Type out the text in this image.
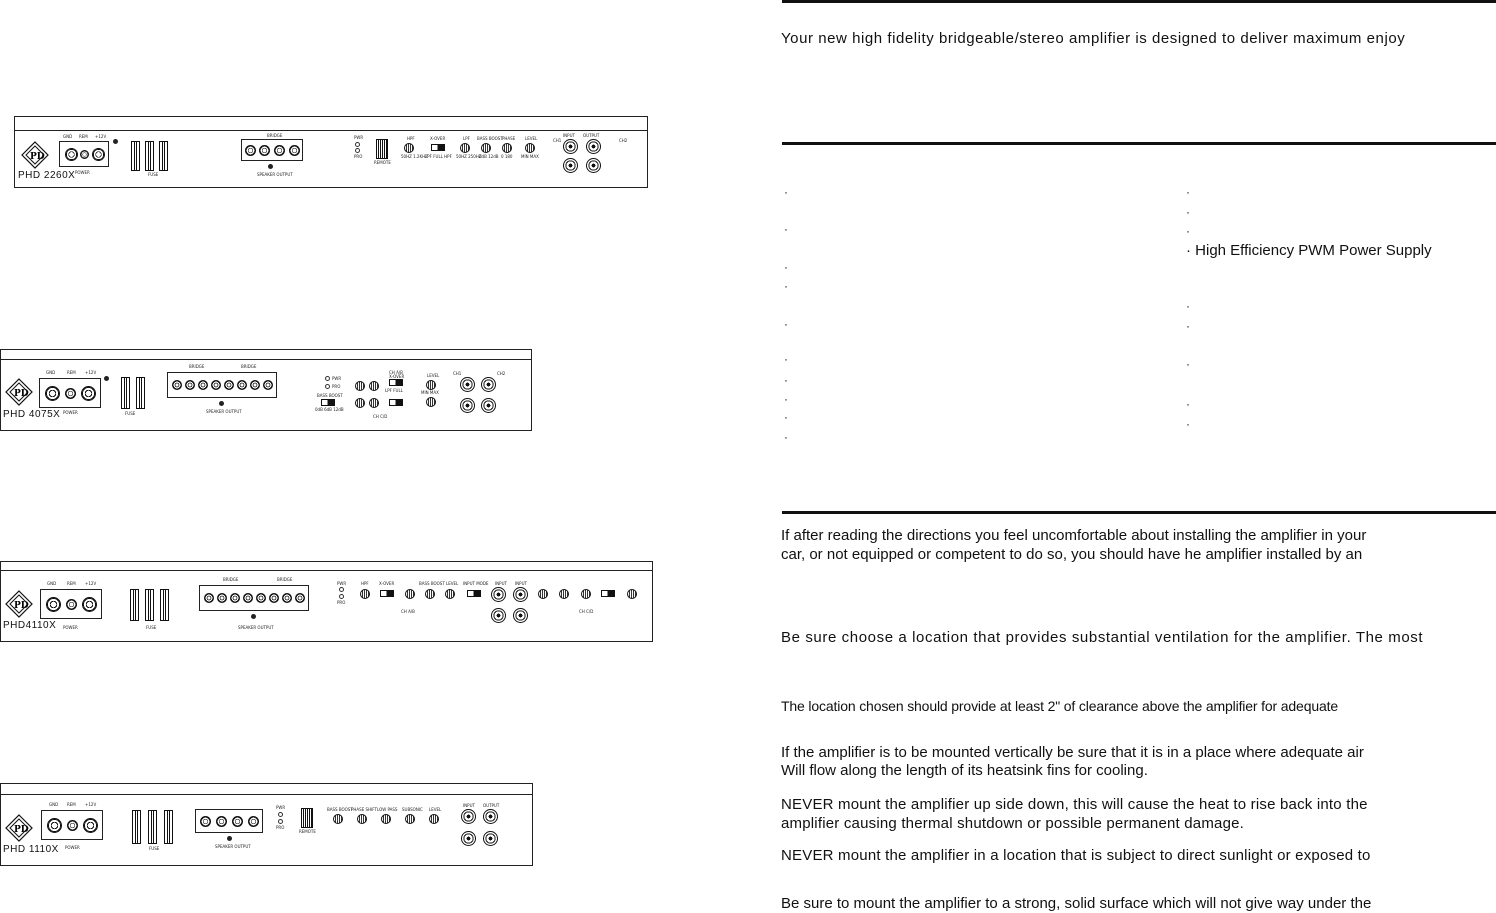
PD
PHD 2260X
GND REM +12V
POWER	FUSE
BRIDGE
SPEAKER OUTPUT
PWR
PRO
REMOTE
HPF
50HZ 1.2KHZ
X-OVER
LPF FULL HPF
LPF
50HZ 250HZ
BASS BOOST
0dB 12dB
PHASE
0 180
LEVEL
MIN MAX
INPUT OUTPUT
CH1	CH2
PD
PHD 4075X
GND	REM +12V
POWER	FUSE
BRIDGE	BRIDGE
SPEAKER OUTPUT
PWR
PRO
BASS BOOST
0dB 6dB 12dB
CH A/B
X-OVER
LPF FULL
LEVEL
MIN MAX
CH C/D
CH1	CH2
PD
PHD4110X
GND	REM +12V
POWER	FUSE
BRIDGE	BRIDGE
SPEAKER OUTPUT
PWR
PRO
HPF	X-OVER	BASS BOOST LEVEL INPUT MODE
CH A/B
INPUT INPUT
CH C/D
PD
PHD 1110X
GND REM +12V
POWER	FUSE	SPEAKER OUTPUT
PWR
PRO
REMOTE
BASS BOOST
PHASE SHIFT LOW PASS SUBSONIC LEVEL
INPUT OUTPUT
Your new high fidelity bridgeable/stereo amplifier is designed to deliver maximum enjoy
·
·
·
·
·
·
·
·
·
·
·
·
·
· High Efficiency PWM Power Supply
·
·
·
·
·
If after reading the directions you feel uncomfortable about installing the amplifier in your
car, or not equipped or competent to do so, you should have he amplifier installed by an
Be sure choose a location that provides substantial ventilation for the amplifier. The most
The location chosen should provide at least 2" of clearance above the amplifier for adequate
If the amplifier is to be mounted vertically be sure that it is in a place where adequate air
Will flow along the length of its heatsink fins for cooling.
NEVER mount the amplifier up side down, this will cause the heat to rise back into the
amplifier causing thermal shutdown or possible permanent damage.
NEVER mount the amplifier in a location that is subject to direct sunlight or exposed to
Be sure to mount the amplifier to a strong, solid surface which will not give way under the
